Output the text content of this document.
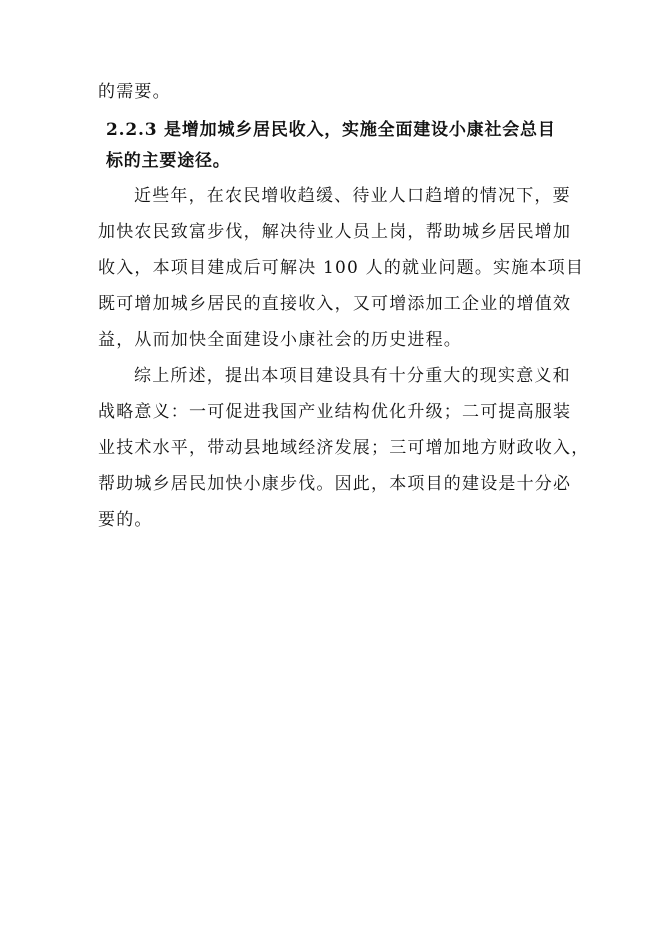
的需要。
2.2.3 是增加城乡居民收入，实施全面建设小康社会总目
标的主要途径。
近些年，在农民增收趋缓、待业人口趋增的情况下，要
加快农民致富步伐，解决待业人员上岗，帮助城乡居民增加
收入，本项目建成后可解决 100 人的就业问题。实施本项目
既可增加城乡居民的直接收入，又可增添加工企业的增值效
益，从而加快全面建设小康社会的历史进程。
综上所述，提出本项目建设具有十分重大的现实意义和
战略意义：一可促进我国产业结构优化升级；二可提高服装
业技术水平，带动县地域经济发展；三可增加地方财政收入，
帮助城乡居民加快小康步伐。因此，本项目的建设是十分必
要的。
